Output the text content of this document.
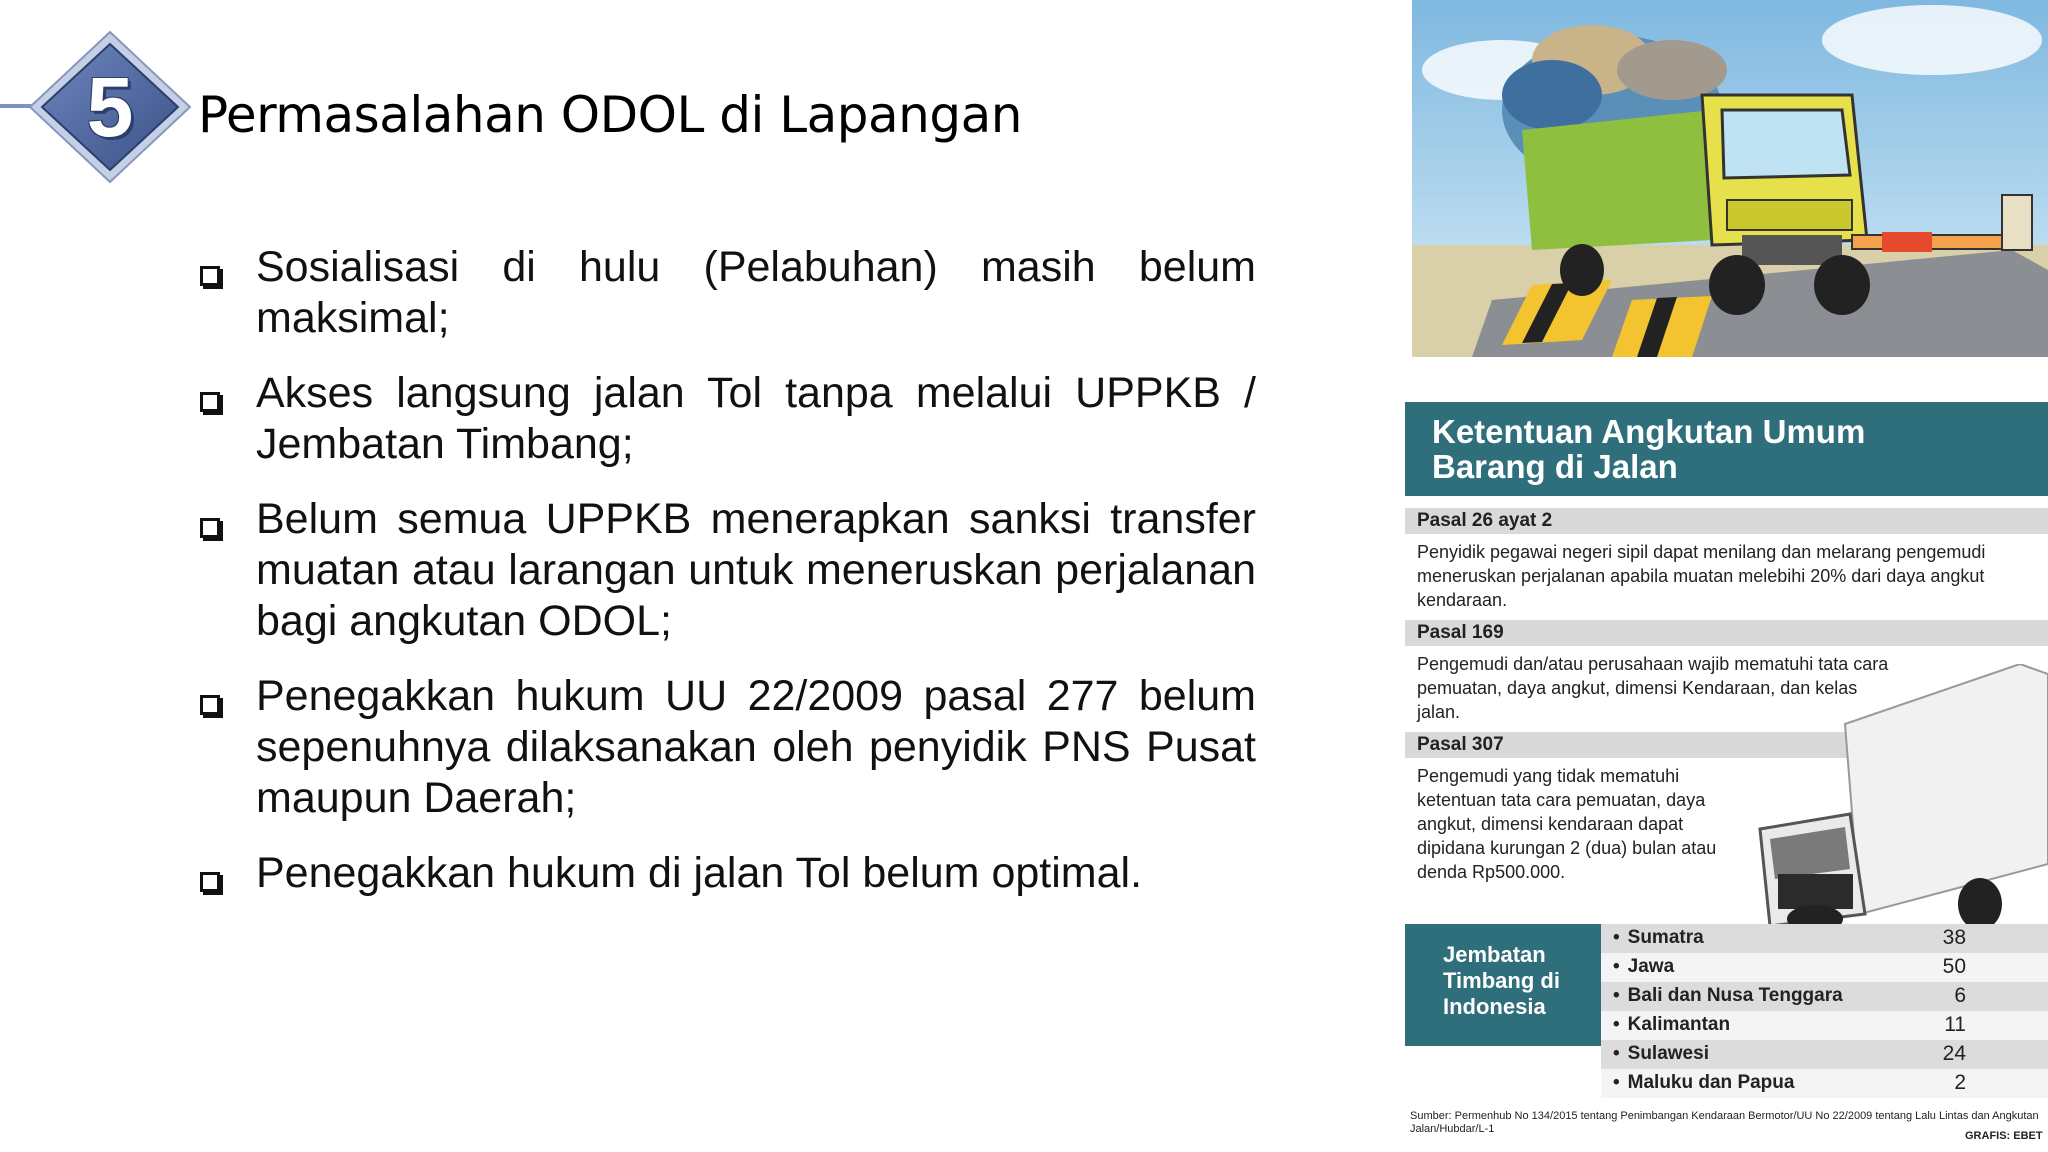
5	Permasalahan ODOL di Lapangan
Sosialisasi di hulu (Pelabuhan) masih belum maksimal;
Akses langsung jalan Tol tanpa melalui UPPKB / Jembatan Timbang;
Belum semua UPPKB menerapkan sanksi transfer muatan atau larangan untuk meneruskan perjalanan bagi angkutan ODOL;
Penegakkan hukum UU 22/2009 pasal 277 belum sepenuhnya dilaksanakan oleh penyidik PNS Pusat maupun Daerah;
Penegakkan hukum di jalan Tol belum optimal.
Ketentuan Angkutan Umum Barang di Jalan
Pasal 26 ayat 2
Penyidik pegawai negeri sipil dapat menilang dan melarang pengemudi meneruskan perjalanan apabila muatan melebihi 20% dari daya angkut kendaraan.
Pasal 169
Pengemudi dan/atau perusahaan wajib mematuhi tata cara pemuatan, daya angkut, dimensi Kendaraan, dan kelas jalan.
Pasal 307
Pengemudi yang tidak mematuhi ketentuan tata cara pemuatan, daya angkut, dimensi kendaraan dapat dipidana kurungan 2 (dua) bulan atau denda Rp500.000.
Jembatan Timbang di Indonesia
• Sumatra	38
• Jawa	50
• Bali dan Nusa Tenggara	6
• Kalimantan	11
• Sulawesi	24
• Maluku dan Papua	2
Sumber: Permenhub No 134/2015 tentang Penimbangan Kendaraan Bermotor/UU No 22/2009 tentang Lalu Lintas dan Angkutan Jalan/Hubdar/L-1
GRAFIS: EBET
